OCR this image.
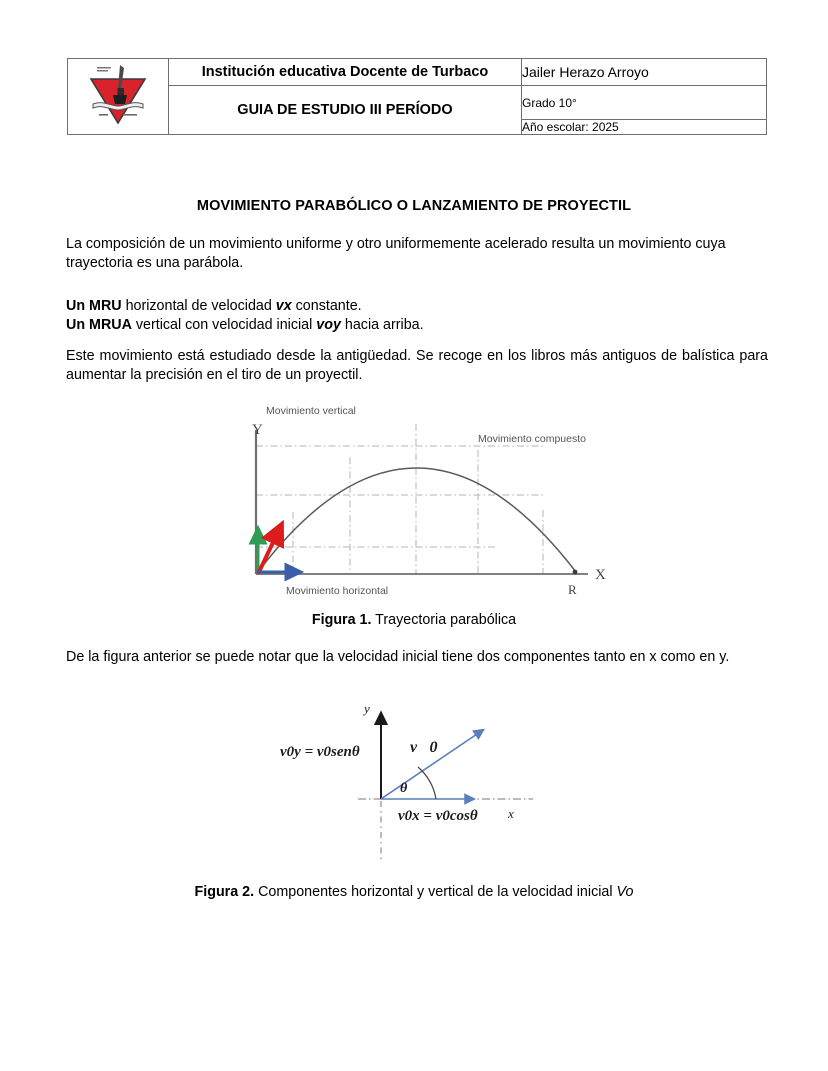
	Institución educativa Docente de Turbaco	Jailer Herazo Arroyo
	GUIA DE ESTUDIO III PERÍODO	Grado 10°
		Año escolar: 2025
MOVIMIENTO PARABÓLICO O LANZAMIENTO DE PROYECTIL
La composición de un movimiento uniforme y otro uniformemente acelerado resulta un movimiento cuya trayectoria es una parábola.
Un MRU horizontal de velocidad vx constante.
Un MRUA vertical con velocidad inicial voy hacia arriba.
Este movimiento está estudiado desde la antigüedad. Se recoge en los libros más antiguos de balística para aumentar la precisión en el tiro de un proyectil.
Y
X
R
Movimiento vertical
Movimiento horizontal
Movimiento compuesto
Figura 1. Trayectoria parabólica
De la figura anterior se puede notar que la velocidad inicial tiene dos componentes tanto en x como en y.
y
x
v0y = v0senθ
v0x = v0cosθ
v⃗0
θ
Figura 2. Componentes horizontal y vertical de la velocidad inicial Vo
